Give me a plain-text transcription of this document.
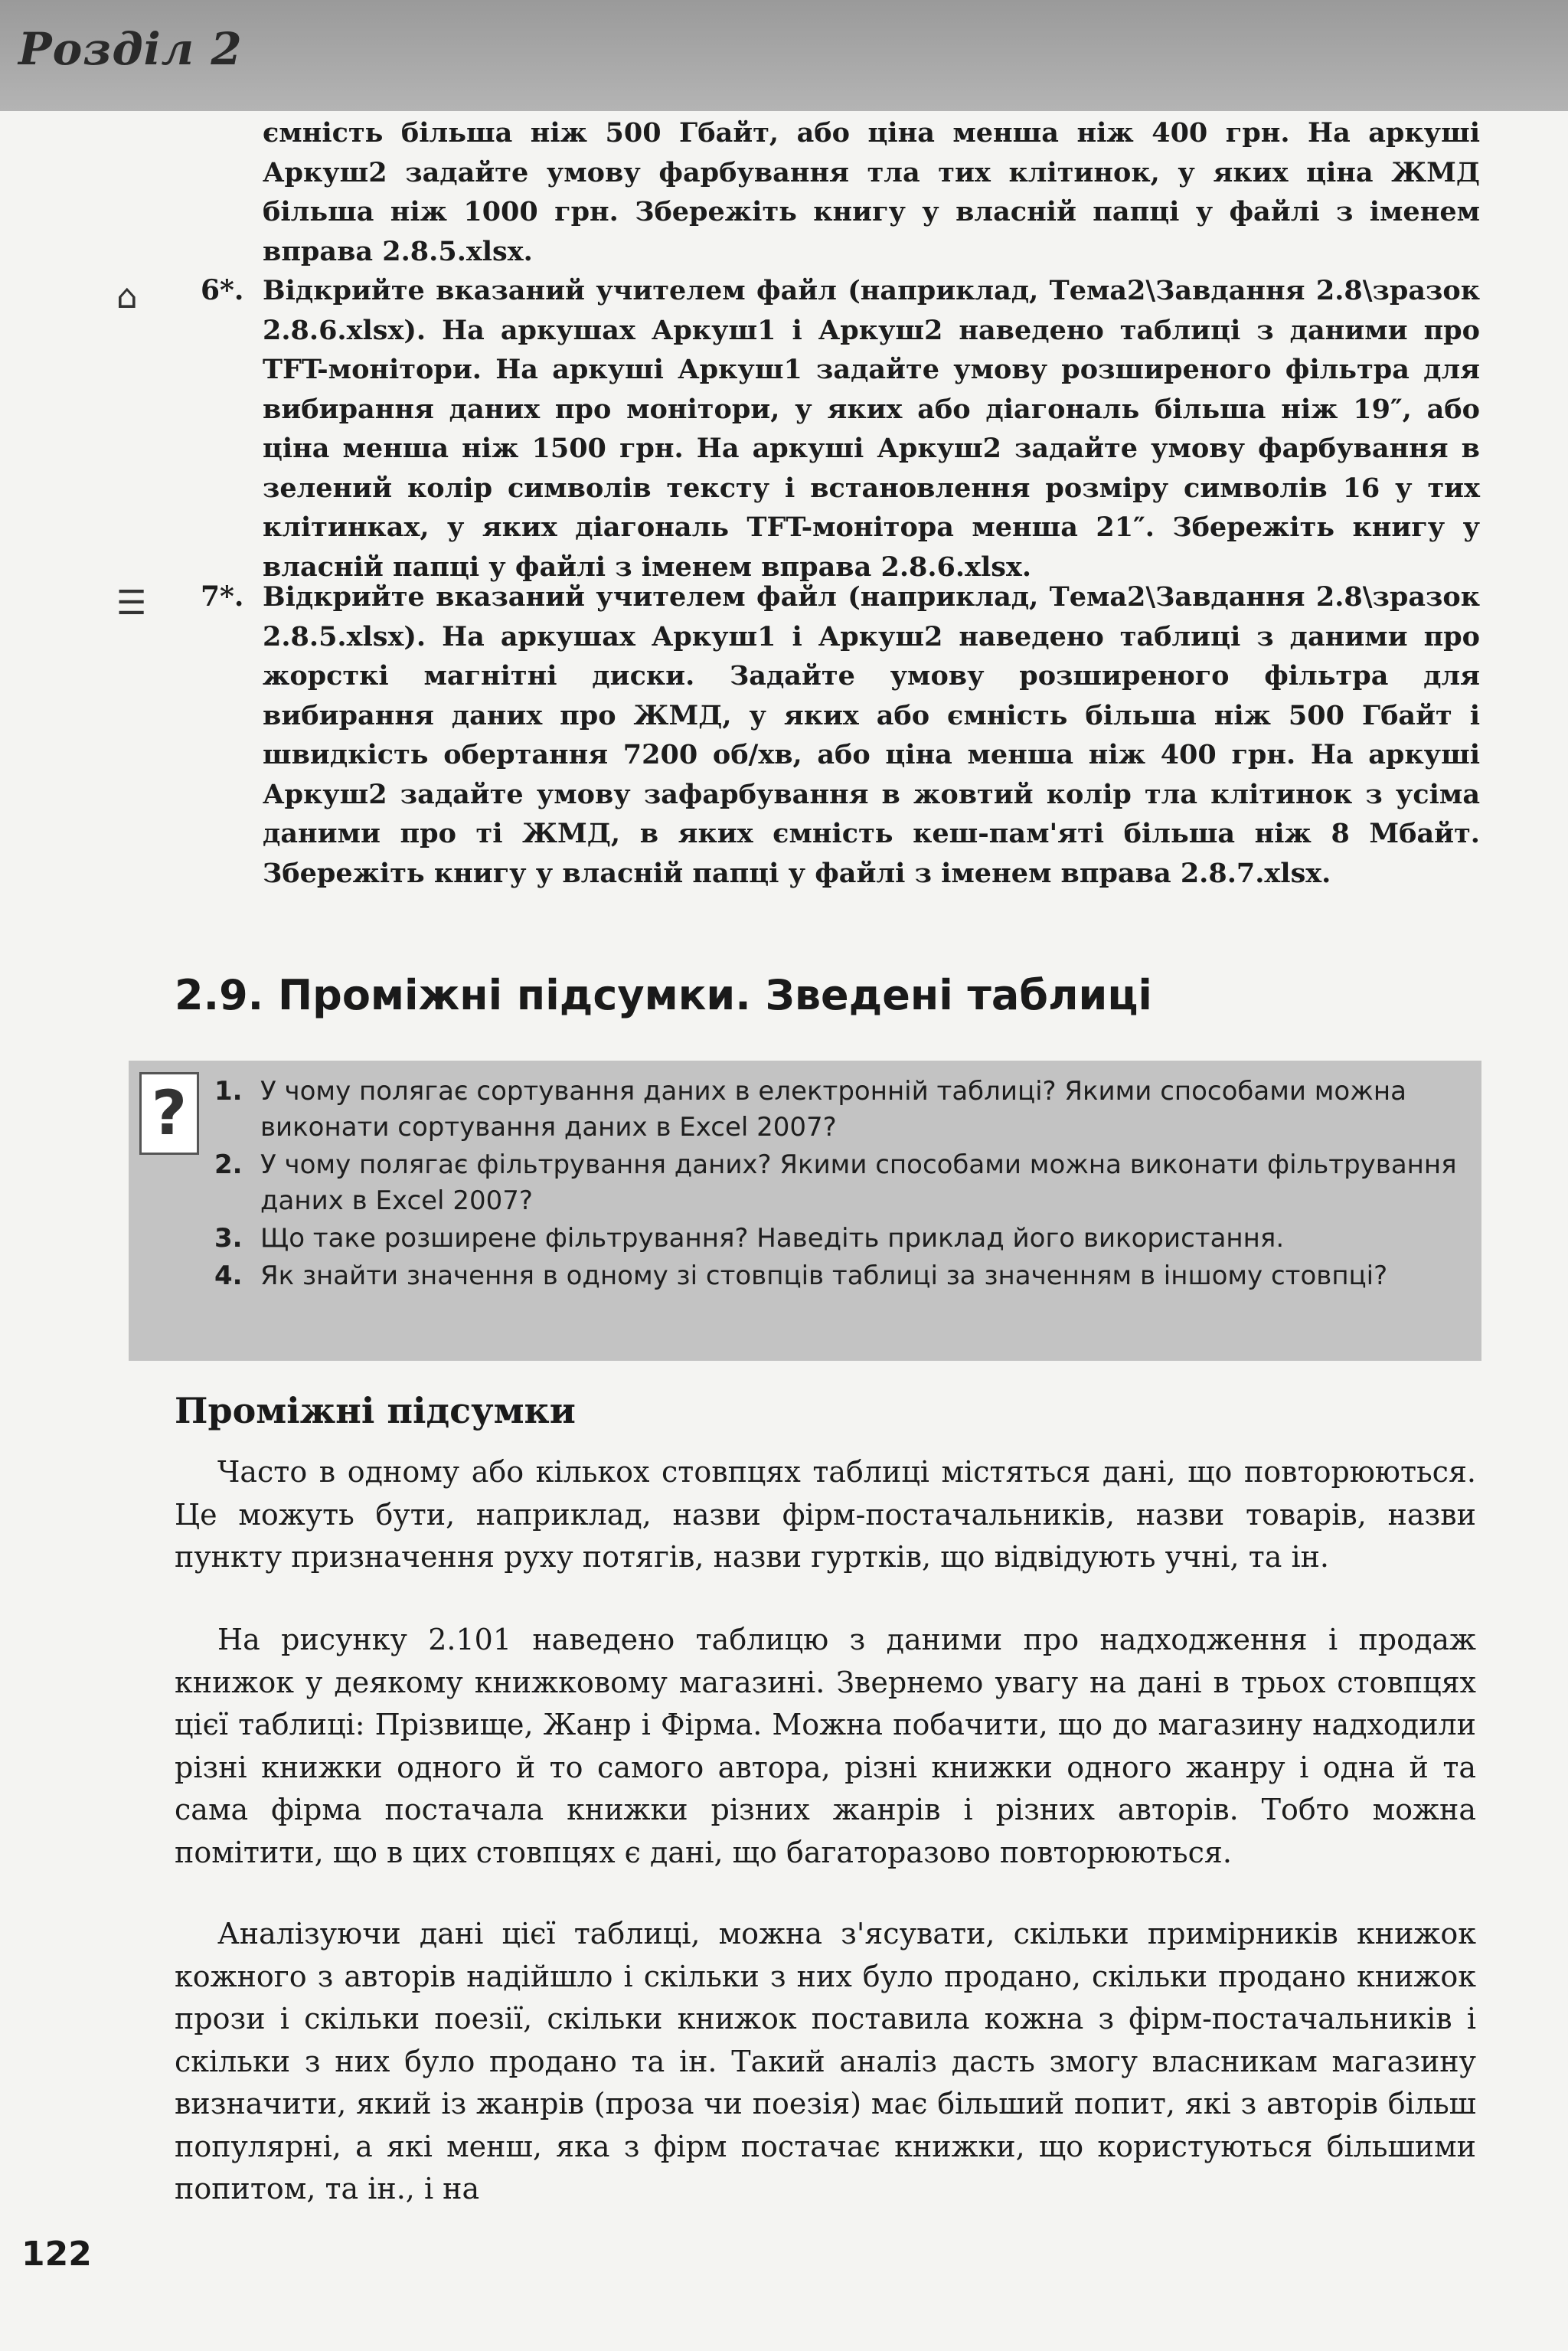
Розділ 2

ємність більша ніж 500 Гбайт, або ціна менша ніж 400 грн. На аркуші Аркуш2 задайте умову фарбування тла тих клітинок, у яких ціна ЖМД більша ніж 1000 грн. Збережіть книгу у власній папці у файлі з іменем вправа 2.8.5.xlsx.

⌂ 6*. Відкрийте вказаний учителем файл (наприклад, Тема2\Завдання 2.8\зразок 2.8.6.xlsx). На аркушах Аркуш1 і Аркуш2 наведено таблиці з даними про TFT-монітори. На аркуші Аркуш1 задайте умову розширеного фільтра для вибирання даних про монітори, у яких або діагональ більша ніж 19″, або ціна менша ніж 1500 грн. На аркуші Аркуш2 задайте умову фарбування в зелений колір символів тексту і встановлення розміру символів 16 у тих клітинках, у яких діагональ TFT-монітора менша 21″. Збережіть книгу у власній папці у файлі з іменем вправа 2.8.6.xlsx.

☰ 7*. Відкрийте вказаний учителем файл (наприклад, Тема2\Завдання 2.8\зразок 2.8.5.xlsx). На аркушах Аркуш1 і Аркуш2 наведено таблиці з даними про жорсткі магнітні диски. Задайте умову розширеного фільтра для вибирання даних про ЖМД, у яких або ємність більша ніж 500 Гбайт і швидкість обертання 7200 об/хв, або ціна менша ніж 400 грн. На аркуші Аркуш2 задайте умову зафарбування в жовтий колір тла клітинок з усіма даними про ті ЖМД, в яких ємність кеш-пам'яті більша ніж 8 Мбайт. Збережіть книгу у власній папці у файлі з іменем вправа 2.8.7.xlsx.

2.9. Проміжні підсумки. Зведені таблиці
?	1. У чому полягає сортування даних в електронній таблиці? Якими способами можна виконати сортування даних в Excel 2007?
2. У чому полягає фільтрування даних? Якими способами можна виконати фільтрування даних в Excel 2007?
3. Що таке розширене фільтрування? Наведіть приклад його використання.
4. Як знайти значення в одному зі стовпців таблиці за значенням в іншому стовпці?
Проміжні підсумки

Часто в одному або кількох стовпцях таблиці містяться дані, що повторюються. Це можуть бути, наприклад, назви фірм-постачальників, назви товарів, назви пункту призначення руху потягів, назви гуртків, що відвідують учні, та ін.

На рисунку 2.101 наведено таблицю з даними про надходження і продаж книжок у деякому книжковому магазині. Звернемо увагу на дані в трьох стовпцях цієї таблиці: Прізвище, Жанр і Фірма. Можна побачити, що до магазину надходили різні книжки одного й то самого автора, різні книжки одного жанру і одна й та сама фірма постачала книжки різних жанрів і різних авторів. Тобто можна помітити, що в цих стовпцях є дані, що багаторазово повторюються.

Аналізуючи дані цієї таблиці, можна з'ясувати, скільки примірників книжок кожного з авторів надійшло і скільки з них було продано, скільки продано книжок прози і скільки поезії, скільки книжок поставила кожна з фірм-постачальників і скільки з них було продано та ін. Такий аналіз дасть змогу власникам магазину визначити, який із жанрів (проза чи поезія) має більший попит, які з авторів більш популярні, а які менш, яка з фірм постачає книжки, що користуються більшими попитом, та ін., і на

122
